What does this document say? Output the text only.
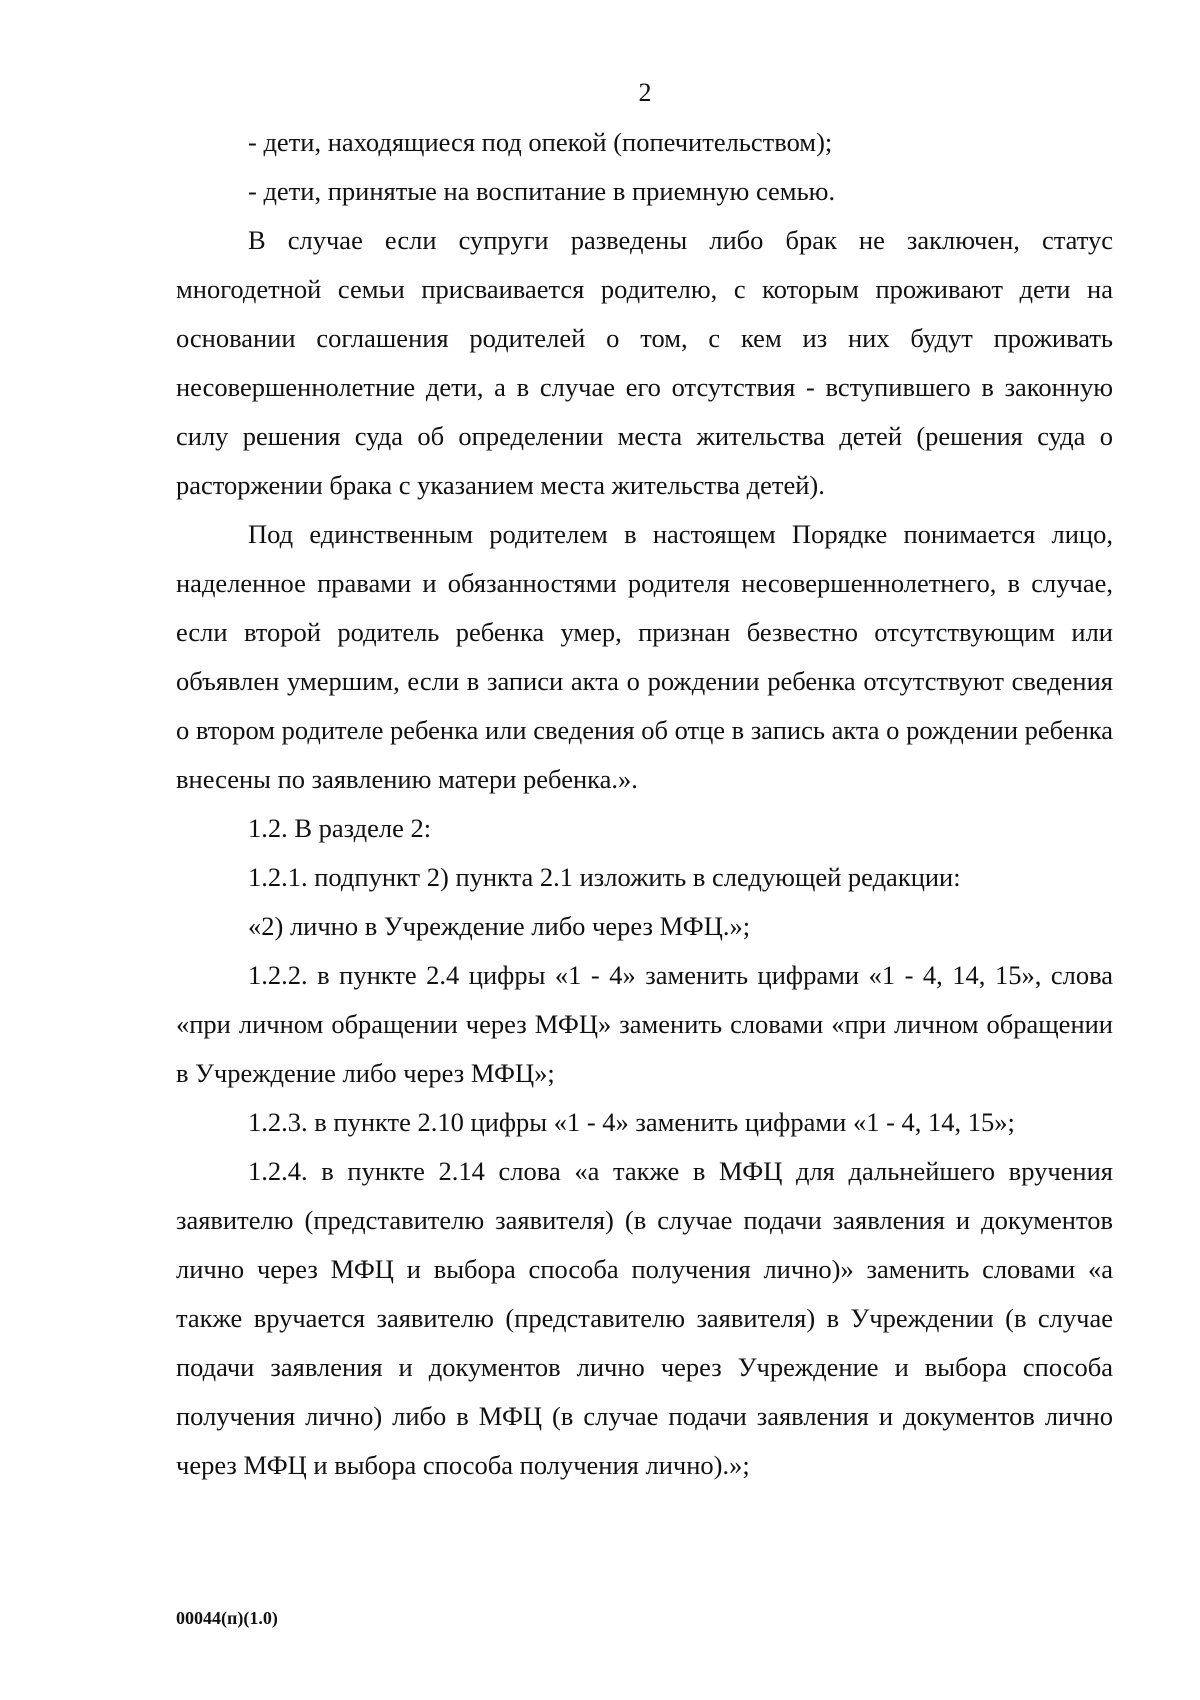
2

- дети, находящиеся под опекой (попечительством);

- дети, принятые на воспитание в приемную семью.

В случае если супруги разведены либо брак не заключен, статус многодетной семьи присваивается родителю, с которым проживают дети на основании соглашения родителей о том, с кем из них будут проживать несовершеннолетние дети, а в случае его отсутствия - вступившего в законную силу решения суда об определении места жительства детей (решения суда о расторжении брака с указанием места жительства детей).

Под единственным родителем в настоящем Порядке понимается лицо, наделенное правами и обязанностями родителя несовершеннолетнего, в случае, если второй родитель ребенка умер, признан безвестно отсутствующим или объявлен умершим, если в записи акта о рождении ребенка отсутствуют сведения о втором родителе ребенка или сведения об отце в запись акта о рождении ребенка внесены по заявлению матери ребенка.».

1.2. В разделе 2:

1.2.1. подпункт 2) пункта 2.1 изложить в следующей редакции:

«2) лично в Учреждение либо через МФЦ.»;

1.2.2. в пункте 2.4 цифры «1 - 4» заменить цифрами «1 - 4, 14, 15», слова «при личном обращении через МФЦ» заменить словами «при личном обращении в Учреждение либо через МФЦ»;

1.2.3. в пункте 2.10 цифры «1 - 4» заменить цифрами «1 - 4, 14, 15»;

1.2.4. в пункте 2.14 слова «а также в МФЦ для дальнейшего вручения заявителю (представителю заявителя) (в случае подачи заявления и документов лично через МФЦ и выбора способа получения лично)» заменить словами «а также вручается заявителю (представителю заявителя) в Учреждении (в случае подачи заявления и документов лично через Учреждение и выбора способа получения лично) либо в МФЦ (в случае подачи заявления и документов лично через МФЦ и выбора способа получения лично).»;

00044(п)(1.0)
